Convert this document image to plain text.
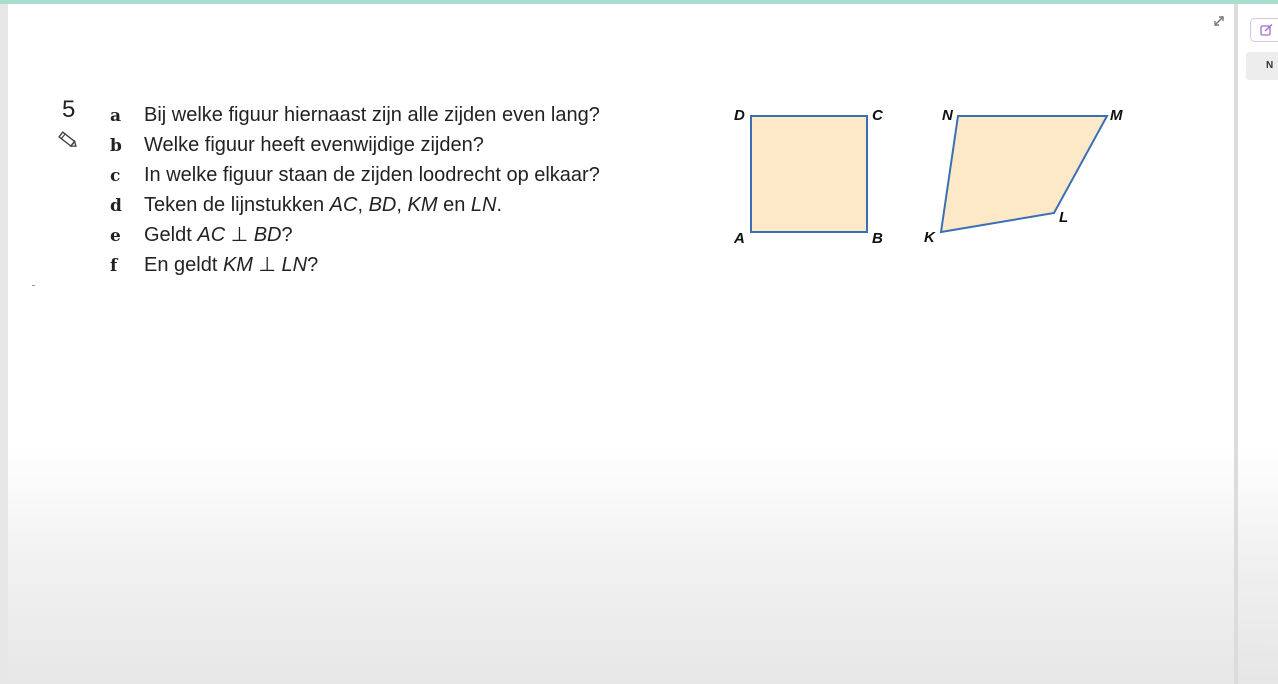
5 a Bij welke figuur hiernaast zijn alle zijden even lang?
b Welke figuur heeft evenwijdige zijden?
c In welke figuur staan de zijden loodrecht op elkaar?
d Teken de lijnstukken AC, BD, KM en LN.
e Geldt AC ⊥ BD?
f En geldt KM ⊥ LN?
D	C
A	B
N	M
K
L
N
